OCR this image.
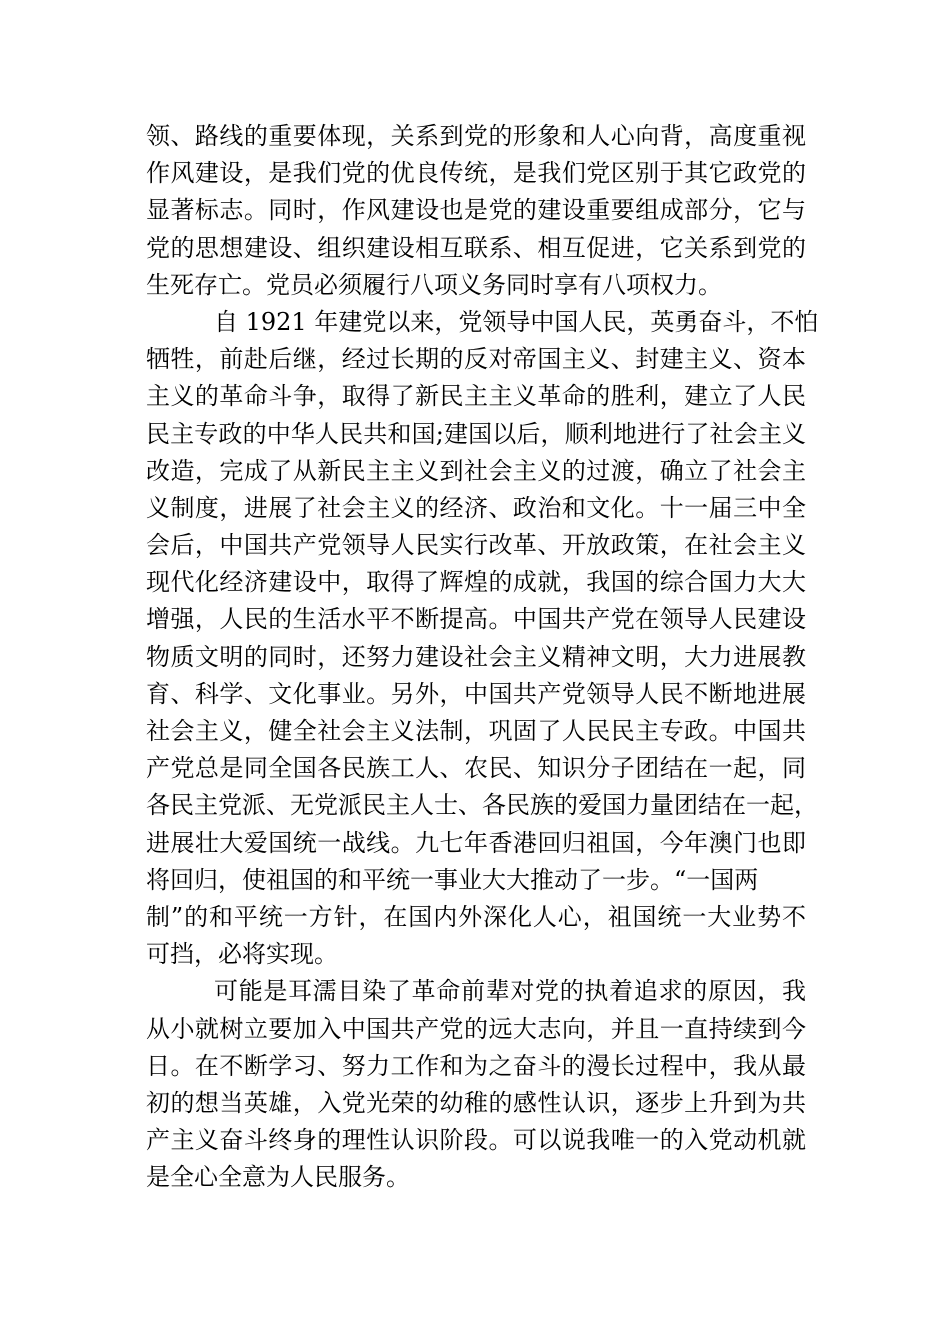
领、路线的重要体现，关系到党的形象和人心向背，高度重视
作风建设，是我们党的优良传统，是我们党区别于其它政党的
显著标志。同时，作风建设也是党的建设重要组成部分，它与
党的思想建设、组织建设相互联系、相互促进，它关系到党的
生死存亡。党员必须履行八项义务同时享有八项权力。
自 1921 年建党以来，党领导中国人民，英勇奋斗，不怕
牺牲，前赴后继，经过长期的反对帝国主义、封建主义、资本
主义的革命斗争，取得了新民主主义革命的胜利，建立了人民
民主专政的中华人民共和国;建国以后，顺利地进行了社会主义
改造，完成了从新民主主义到社会主义的过渡，确立了社会主
义制度，进展了社会主义的经济、政治和文化。十一届三中全
会后，中国共产党领导人民实行改革、开放政策，在社会主义
现代化经济建设中，取得了辉煌的成就，我国的综合国力大大
增强，人民的生活水平不断提高。中国共产党在领导人民建设
物质文明的同时，还努力建设社会主义精神文明，大力进展教
育、科学、文化事业。另外，中国共产党领导人民不断地进展
社会主义，健全社会主义法制，巩固了人民民主专政。中国共
产党总是同全国各民族工人、农民、知识分子团结在一起，同
各民主党派、无党派民主人士、各民族的爱国力量团结在一起，
进展壮大爱国统一战线。九七年香港回归祖国，今年澳门也即
将回归，使祖国的和平统一事业大大推动了一步。“一国两
制”的和平统一方针，在国内外深化人心，祖国统一大业势不
可挡，必将实现。
可能是耳濡目染了革命前辈对党的执着追求的原因，我
从小就树立要加入中国共产党的远大志向，并且一直持续到今
日。在不断学习、努力工作和为之奋斗的漫长过程中，我从最
初的想当英雄，入党光荣的幼稚的感性认识，逐步上升到为共
产主义奋斗终身的理性认识阶段。可以说我唯一的入党动机就
是全心全意为人民服务。
